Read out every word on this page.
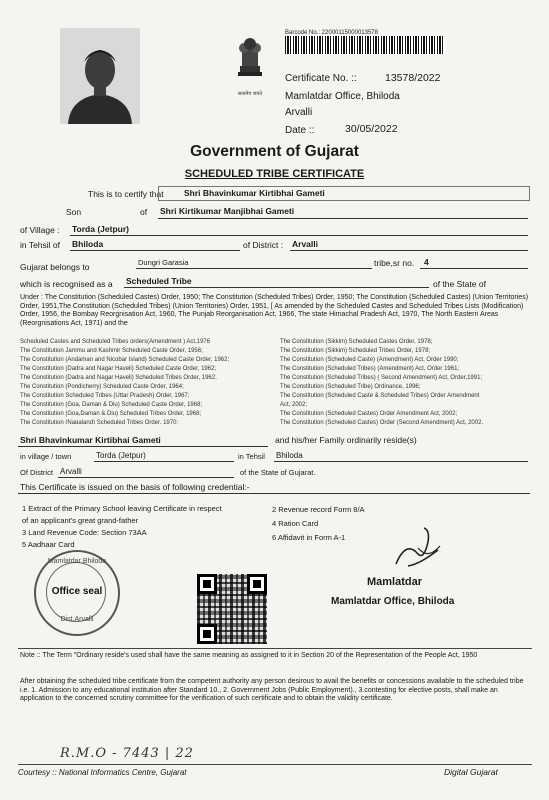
सत्यमेव जयते
Barcode No.: 22000115000013578
Certificate No. ::	13578/2022
Mamlatdar Office, Bhiloda
Arvalli
Date ::	30/05/2022
Government of Gujarat
SCHEDULED TRIBE CERTIFICATE
This is to certify that Shri Bhavinkumar Kirtibhai Gameti
Son	of Shri Kirtikumar Manjibhai Gameti
of Village : Torda (Jetpur)
in Tehsil of Bhiloda	of District : Arvalli
Gujarat belongs to	Dungri Garasia	tribe,sr no. 4
which is recognised as a Scheduled Tribe	of the State of
Under : The Constitution (Scheduled Castes) Order, 1950; The Constitution (Scheduled Tribes) Order, 1950; The Constitution (Scheduled Castes) (Union Territories) Order, 1951,The Constitution (Scheduled Tribes) (Union Territories) Order, 1951, [ As amended by the Scheduled Castes and Scheduled Tribes Lists (Modification) Order, 1956, the Bombay Reorgnisation Act, 1960, The Punjab Reorganisation Act, 1966, The state Himachal Pradesh Act, 1970, The North Eastern Areas (Reorgnisations Act, 1971) and the
Scheduled Castes and Scheduled Tribes orders(Amendment ) Act,1976
The Constitution Jammu and Kashmir Scheduled Caste Order, 1956;
The Constitution (Andaman and Nicobar Island) Scheduled Caste Order, 1962;
The Constitution (Dadra and Nagar Haveli) Scheduled Caste Order, 1962;
The Constitution (Dadra and Nagar Haveli) Scheduled Tribes Order, 1962;
The Constitution (Pondicherry) Scheduled Caste Order, 1964;
The Constitution Scheduled Tribes (Uttar Pradesh) Order, 1967;
The Constitution (Goa, Daman & Diu) Scheduled Caste Order, 1968;
The Constitution (Goa,Daman & Diu) Scheduled Tribes Order, 1968;
The Constitution (Nagaland) Scheduled Tribes Order, 1970;
The Constitution (Sikkim) Scheduled Castes Order, 1978;
The Constitution (Sikkim) Scheduled Tribes Order, 1978;
The Constitution (Scheduled Caste) (Amendment) Act, Order 1990;
The Constitution (Scheduled Tribes) (Amendment) Act, Order 1961;
The Constitution (Scheduled Tribes) ( Second Amendment) Act, Order,1991;
The Constitution (Scheduled Tribe) Ordinance, 1996;
The Constitution (Scheduled Caste & Scheduled Tribes) Order Amendment
Act, 2002;
The Constitution (Scheduled Castes) Order Amendment Act, 2002;
The Constitution (Scheduled Castes) Order (Second Amendment) Act, 2002.
Shri Bhavinkumar Kirtibhai Gameti	and his/her Family ordinarily reside(s)
in village / town	Torda (Jetpur)	in Tehsil Bhiloda
Of District Arvalli	of the State of Gujarat.
This Certificate is issued on the basis of following credential:-
1 Extract of the Primary School leaving Certificate in respect
of an applicant's great grand-father
3 Land Revenue Code: Section 73AA
5 Aadhaar Card
2 Revenue record Form 8/A
4 Ration Card
6 Affidavit in Form A-1
Mamlatdar Bhiloda
Office seal
Dist.Arvalli
Mamlatdar
Mamlatdar Office, Bhiloda
Note :: The Term "Ordinary reside's used shall have the same meaning as assigned to it in Section 20 of the Representation of the People Act, 1950
After obtaining the scheduled tribe certificate from the competent authority any person desirous to avail the benefits or concessions available to the scheduled tribe i.e. 1. Admission to any educational institution after Standard 10., 2. Government Jobs (Public Employment)., 3.contesting for elective posts, shall make an application to the concerned scrutiny committee for the verification of such certificate and to obtain the validity certificate.
R.M.O - 7443 | 22
Courtesy :: National Informatics Centre, Gujarat	Digital Gujarat
